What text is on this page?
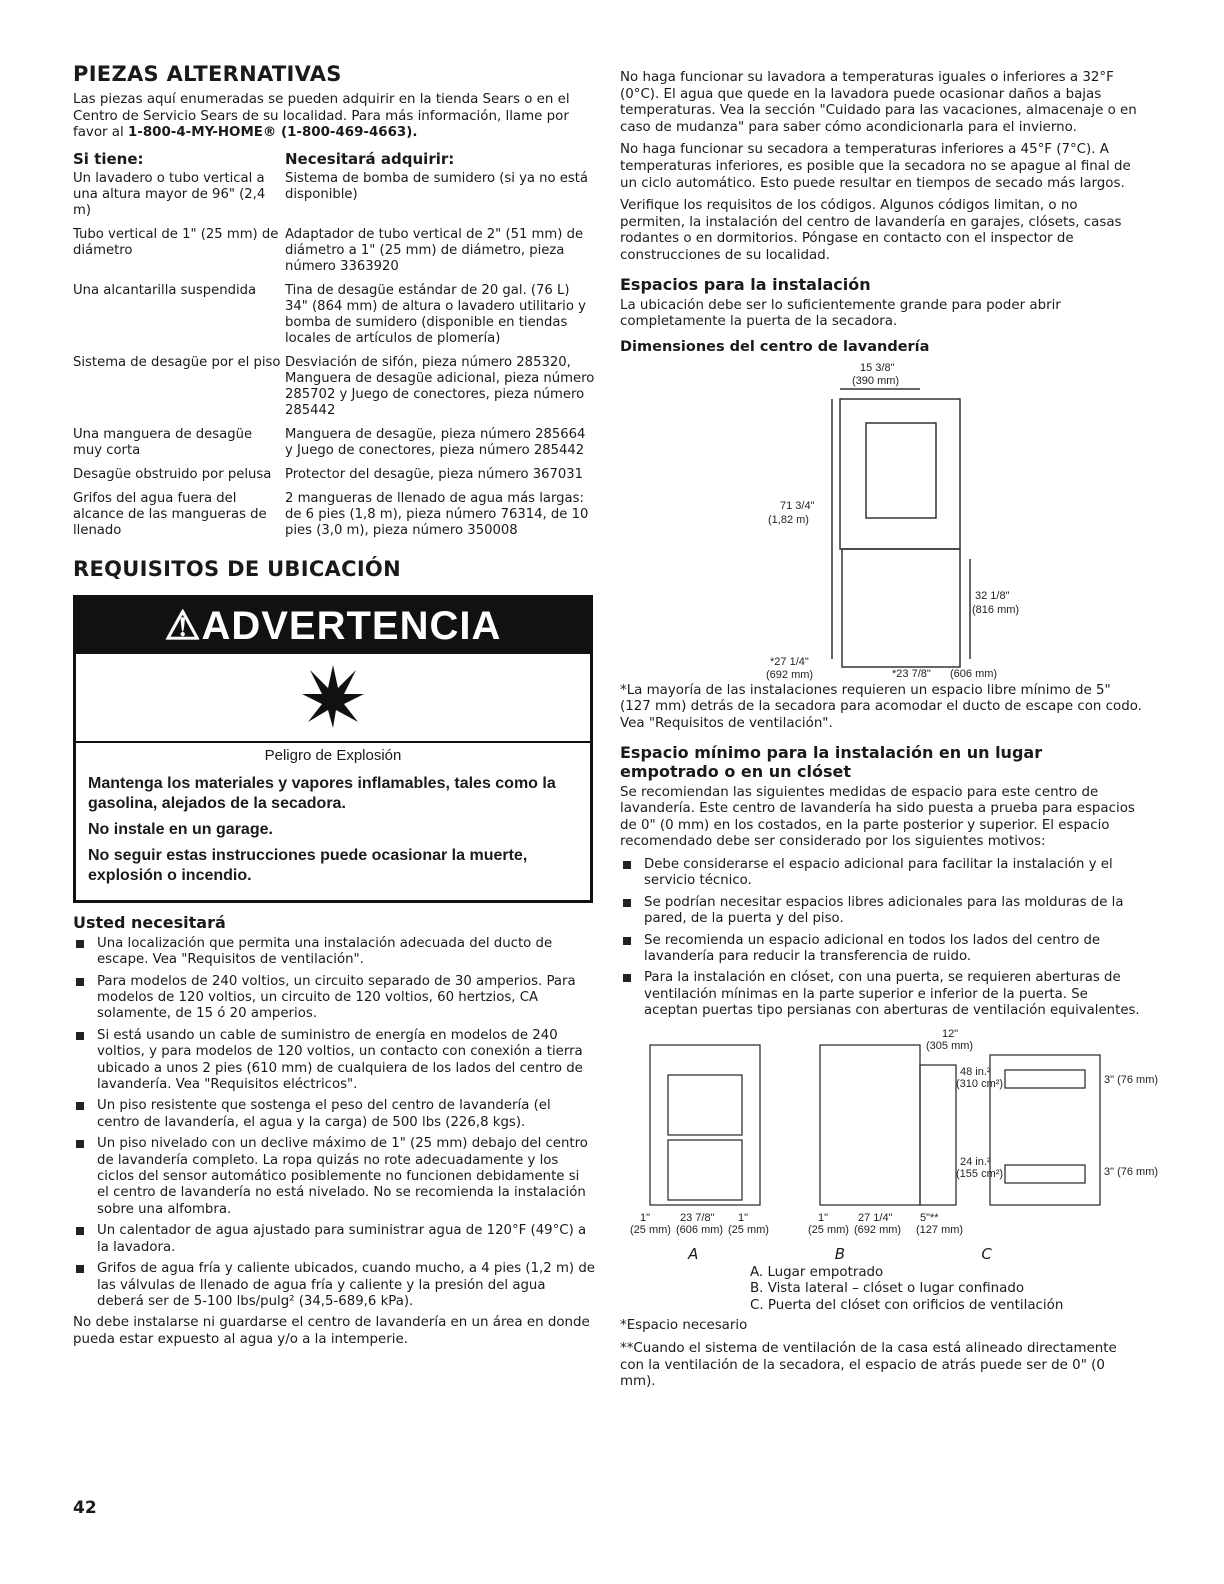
PIEZAS ALTERNATIVAS

Las piezas aquí enumeradas se pueden adquirir en la tienda Sears o en el Centro de Servicio Sears de su localidad. Para más información, llame por favor al 1-800-4-MY-HOME® (1-800-469-4663).

Si tiene:	Necesitará adquirir:
Un lavadero o tubo vertical a una altura mayor de 96" (2,4 m)	Sistema de bomba de sumidero (si ya no está disponible)
Tubo vertical de 1" (25 mm) de diámetro	Adaptador de tubo vertical de 2" (51 mm) de diámetro a 1" (25 mm) de diámetro, pieza número 3363920
Una alcantarilla suspendida	Tina de desagüe estándar de 20 gal. (76 L) 34" (864 mm) de altura o lavadero utilitario y bomba de sumidero (disponible en tiendas locales de artículos de plomería)
Sistema de desagüe por el piso	Desviación de sifón, pieza número 285320, Manguera de desagüe adicional, pieza número 285702 y Juego de conectores, pieza número 285442
Una manguera de desagüe muy corta	Manguera de desagüe, pieza número 285664 y Juego de conectores, pieza número 285442
Desagüe obstruido por pelusa	Protector del desagüe, pieza número 367031
Grifos del agua fuera del alcance de las mangueras de llenado	2 mangueras de llenado de agua más largas: de 6 pies (1,8 m), pieza número 76314, de 10 pies (3,0 m), pieza número 350008
REQUISITOS DE UBICACIÓN
⚠ADVERTENCIA
Peligro de Explosión
Mantenga los materiales y vapores inflamables, tales como la gasolina, alejados de la secadora.
No instale en un garage.
No seguir estas instrucciones puede ocasionar la muerte, explosión o incendio.
Usted necesitará
Una localización que permita una instalación adecuada del ducto de escape. Vea "Requisitos de ventilación".
Para modelos de 240 voltios, un circuito separado de 30 amperios. Para modelos de 120 voltios, un circuito de 120 voltios, 60 hertzios, CA solamente, de 15 ó 20 amperios.
Si está usando un cable de suministro de energía en modelos de 240 voltios, y para modelos de 120 voltios, un contacto con conexión a tierra ubicado a unos 2 pies (610 mm) de cualquiera de los lados del centro de lavandería. Vea "Requisitos eléctricos".
Un piso resistente que sostenga el peso del centro de lavandería (el centro de lavandería, el agua y la carga) de 500 lbs (226,8 kgs).
Un piso nivelado con un declive máximo de 1" (25 mm) debajo del centro de lavandería completo. La ropa quizás no rote adecuadamente y los ciclos del sensor automático posiblemente no funcionen debidamente si el centro de lavandería no está nivelado. No se recomienda la instalación sobre una alfombra.
Un calentador de agua ajustado para suministrar agua de 120°F (49°C) a la lavadora.
Grifos de agua fría y caliente ubicados, cuando mucho, a 4 pies (1,2 m) de las válvulas de llenado de agua fría y caliente y la presión del agua deberá ser de 5-100 lbs/pulg² (34,5-689,6 kPa).

No debe instalarse ni guardarse el centro de lavandería en un área en donde pueda estar expuesto al agua y/o a la intemperie.

No haga funcionar su lavadora a temperaturas iguales o inferiores a 32°F (0°C). El agua que quede en la lavadora puede ocasionar daños a bajas temperaturas. Vea la sección "Cuidado para las vacaciones, almacenaje o en caso de mudanza" para saber cómo acondicionarla para el invierno.

No haga funcionar su secadora a temperaturas inferiores a 45°F (7°C). A temperaturas inferiores, es posible que la secadora no se apague al final de un ciclo automático. Esto puede resultar en tiempos de secado más largos.

Verifique los requisitos de los códigos. Algunos códigos limitan, o no permiten, la instalación del centro de lavandería en garajes, clósets, casas rodantes o en dormitorios. Póngase en contacto con el inspector de construcciones de su localidad.

Espacios para la instalación

La ubicación debe ser lo suficientemente grande para poder abrir completamente la puerta de la secadora.

Dimensiones del centro de lavandería
15 3/8"
(390 mm)
71 3/4"
(1,82 m)
32 1/8"
(816 mm)
*27 1/4"
(692 mm)	*23 7/8" (606 mm)

*La mayoría de las instalaciones requieren un espacio libre mínimo de 5" (127 mm) detrás de la secadora para acomodar el ducto de escape con codo. Vea "Requisitos de ventilación".

Espacio mínimo para la instalación en un lugar empotrado o en un clóset

Se recomiendan las siguientes medidas de espacio para este centro de lavandería. Este centro de lavandería ha sido puesta a prueba para espacios de 0" (0 mm) en los costados, en la parte posterior y superior. El espacio recomendado debe ser considerado por los siguientes motivos:

Debe considerarse el espacio adicional para facilitar la instalación y el servicio técnico.
Se podrían necesitar espacios libres adicionales para las molduras de la pared, de la puerta y del piso.
Se recomienda un espacio adicional en todos los lados del centro de lavandería para reducir la transferencia de ruido.
Para la instalación en clóset, con una puerta, se requieren aberturas de ventilación mínimas en la parte superior e inferior de la puerta. Se aceptan puertas tipo persianas con aberturas de ventilación equivalentes.
1"
(25 mm)
23 7/8"
(606 mm)
1"
(25 mm)
1"
(25 mm)
27 1/4"
(692 mm)
12"
(305 mm)
5"**
(127 mm)
48 in.²
(310 cm²)
24 in.²
(155 cm²)
3" (76 mm)
3" (76 mm)
A	B	C
A. Lugar empotrado
B. Vista lateral – clóset o lugar confinado
C. Puerta del clóset con orificios de ventilación

*Espacio necesario

**Cuando el sistema de ventilación de la casa está alineado directamente con la ventilación de la secadora, el espacio de atrás puede ser de 0" (0 mm).

42
